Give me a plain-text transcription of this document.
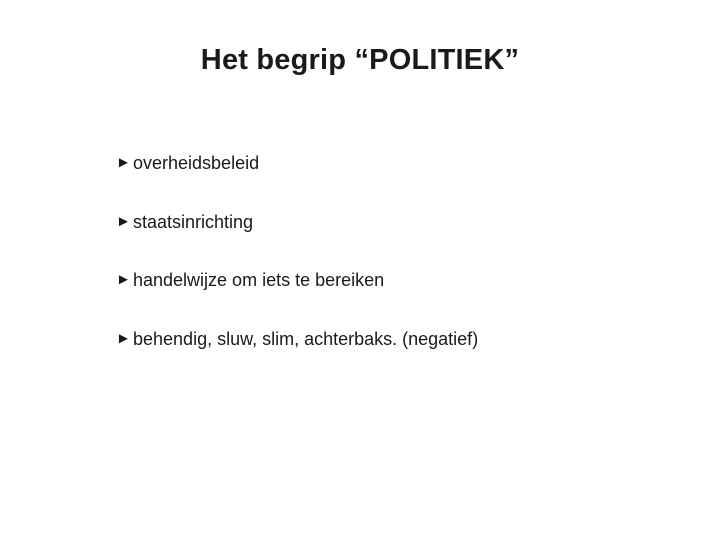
Het begrip “POLITIEK”
► overheidsbeleid
► staatsinrichting
► handelwijze om iets te bereiken
► behendig, sluw, slim, achterbaks. (negatief)
